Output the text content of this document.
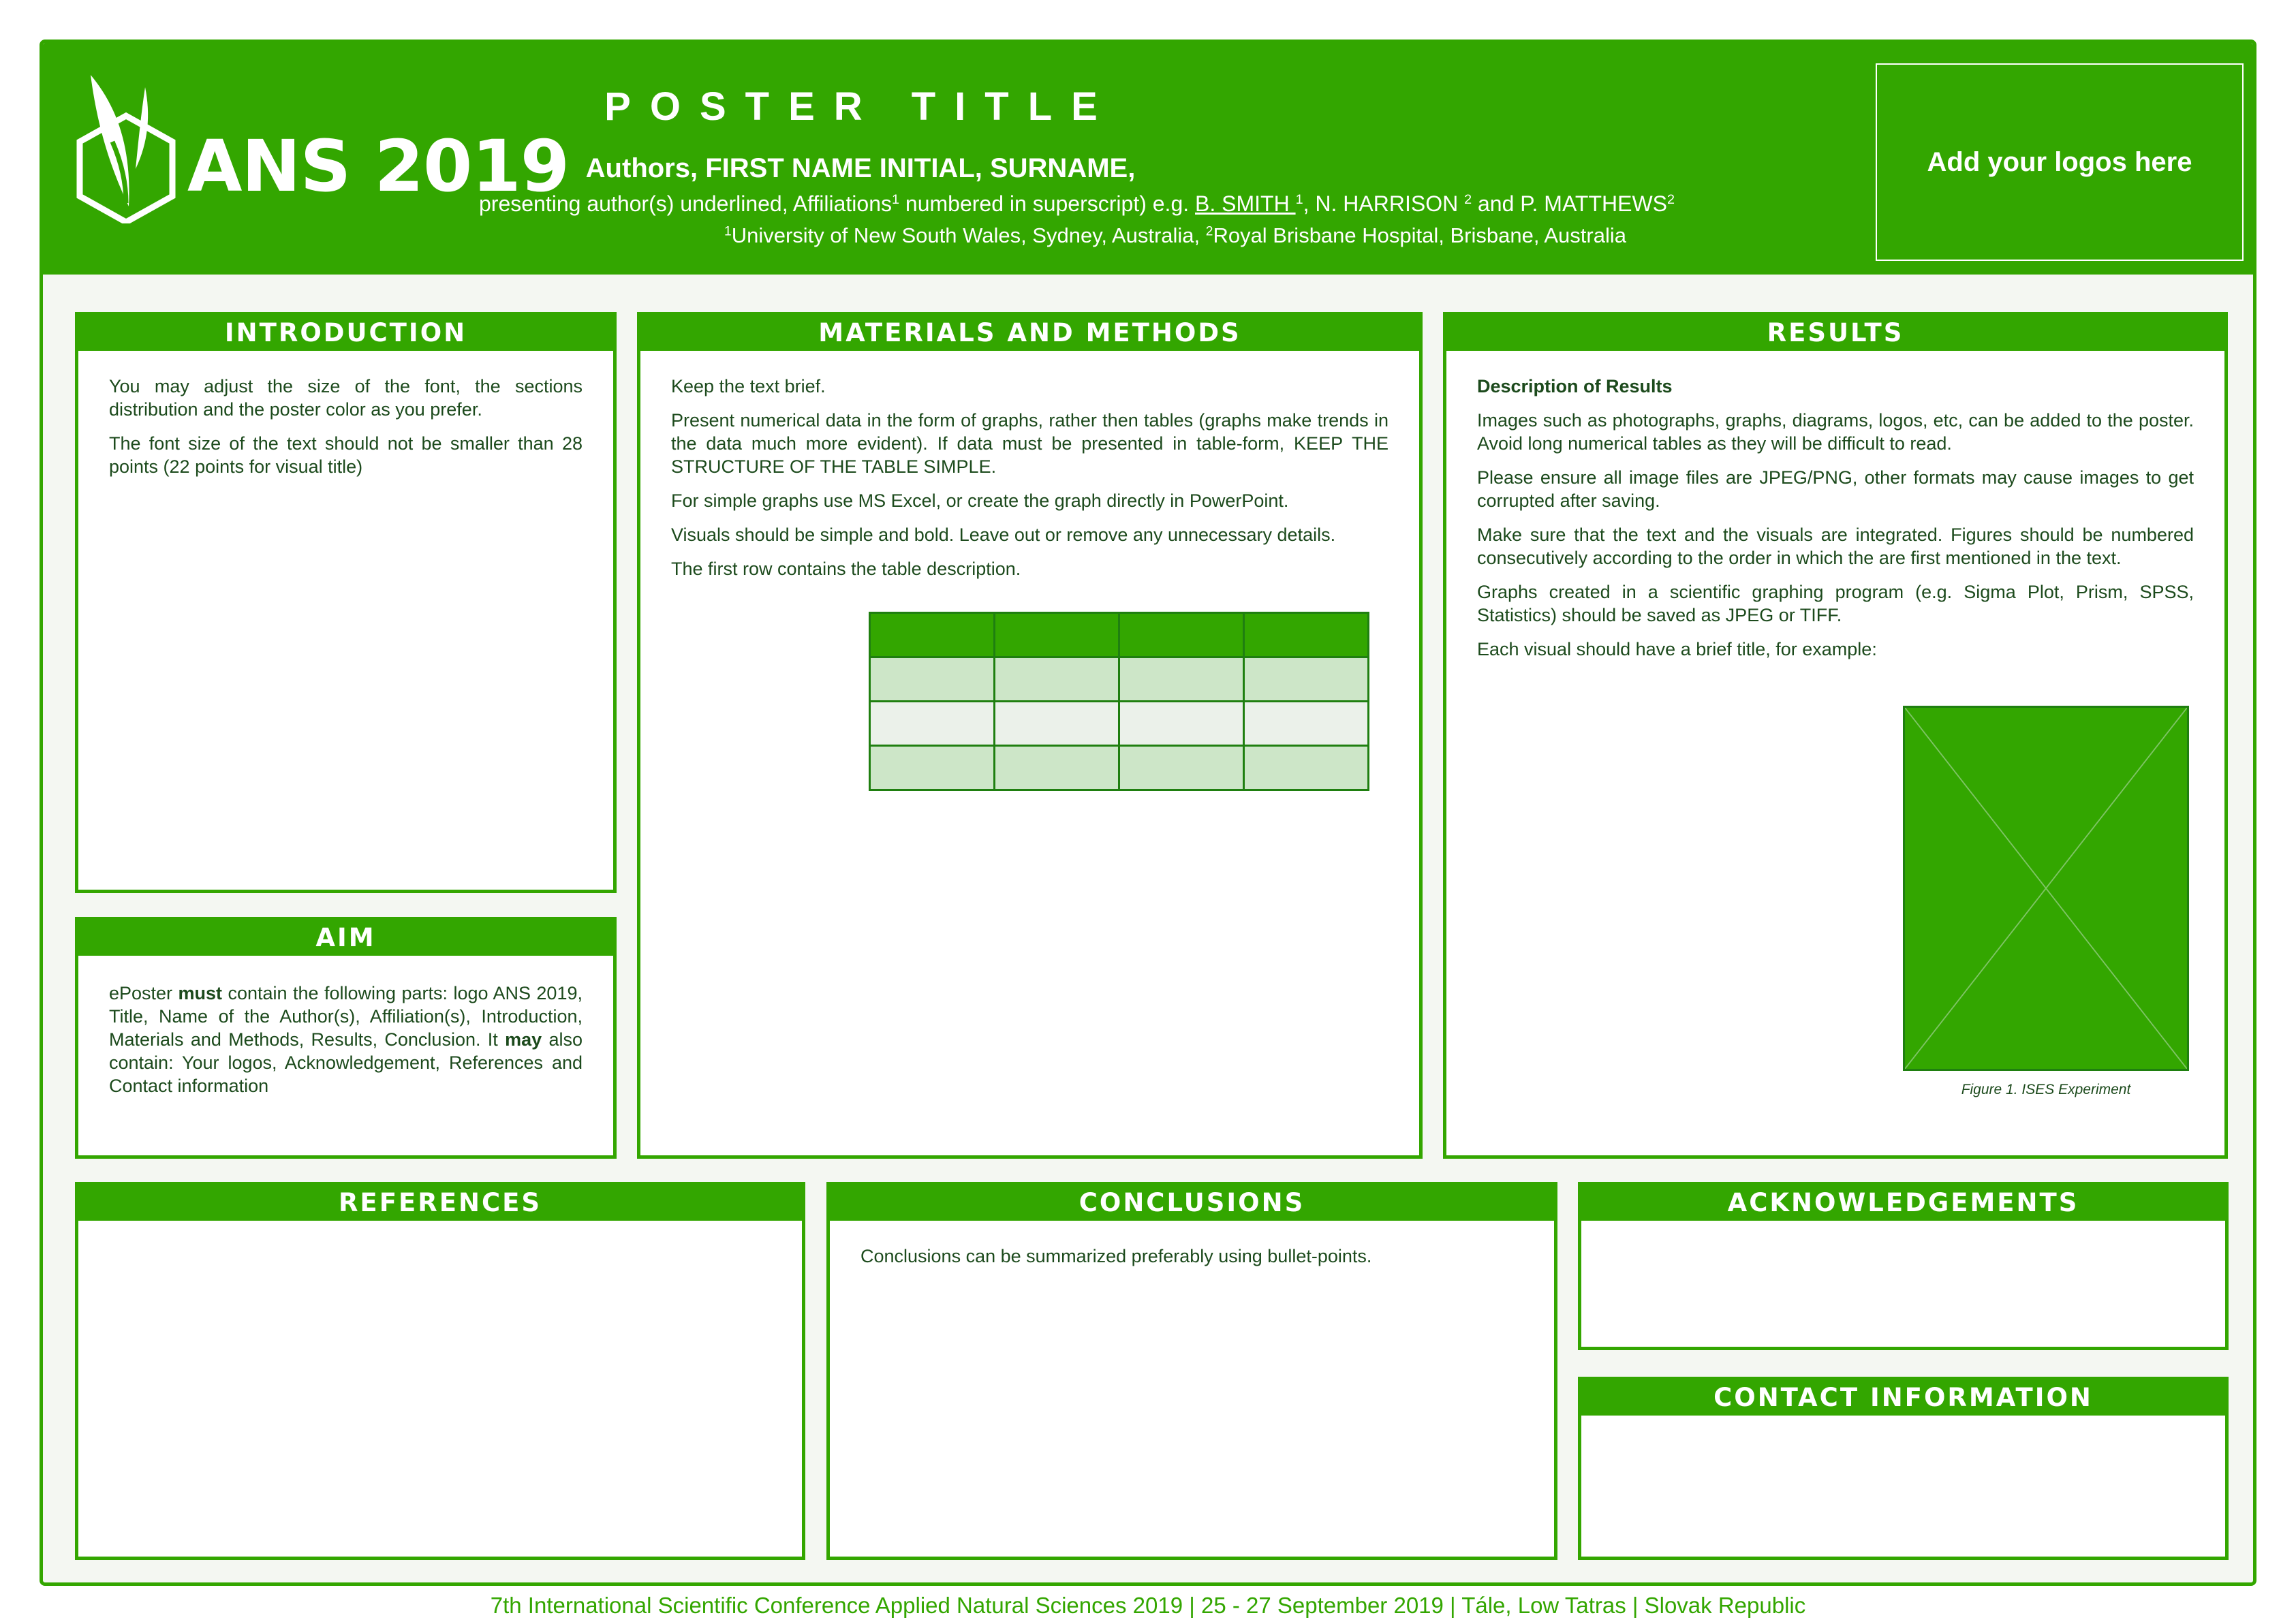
ANS 2019
POSTER TITLE
Authors, FIRST NAME INITIAL, SURNAME,
presenting author(s) underlined, Affiliations$^1$ numbered in superscript) e.g. B. SMITH $^1$, N. HARRISON $^2$ and P. MATTHEWS$^2$
$^1$University of New South Wales, Sydney, Australia, $^2$Royal Brisbane Hospital, Brisbane, Australia
Add your logos here
INTRODUCTION

You may adjust the size of the font, the sections distribution and the poster color as you prefer.

The font size of the text should not be smaller than 28 points (22 points for visual title)

AIM

ePoster must contain the following parts: logo ANS 2019, Title, Name of the Author(s), Affiliation(s), Introduction, Materials and Methods, Results, Conclusion. It may also contain: Your logos, Acknowledgement, References and Contact information

MATERIALS AND METHODS

Keep the text brief.

Present numerical data in the form of graphs, rather then tables (graphs make trends in the data much more evident). If data must be presented in table-form, KEEP THE STRUCTURE OF THE TABLE SIMPLE.

For simple graphs use MS Excel, or create the graph directly in PowerPoint.

Visuals should be simple and bold. Leave out or remove any unnecessary details.

The first row contains the table description.

RESULTS

Description of Results

Images such as photographs, graphs, diagrams, logos, etc, can be added to the poster. Avoid long numerical tables as they will be difficult to read.

Please ensure all image files are JPEG/PNG, other formats may cause images to get corrupted after saving.

Make sure that the text and the visuals are integrated. Figures should be numbered consecutively according to the order in which the are first mentioned in the text.

Graphs created in a scientific graphing program (e.g. Sigma Plot, Prism, SPSS, Statistics) should be saved as JPEG or TIFF.

Each visual should have a brief title, for example:

Figure 1. ISES Experiment
REFERENCES	CONCLUSIONS

Conclusions can be summarized preferably using bullet-points.

ACKNOWLEDGEMENTS
CONTACT INFORMATION
7th International Scientific Conference Applied Natural Sciences 2019 | 25 - 27 September 2019 | Tále, Low Tatras | Slovak Republic
